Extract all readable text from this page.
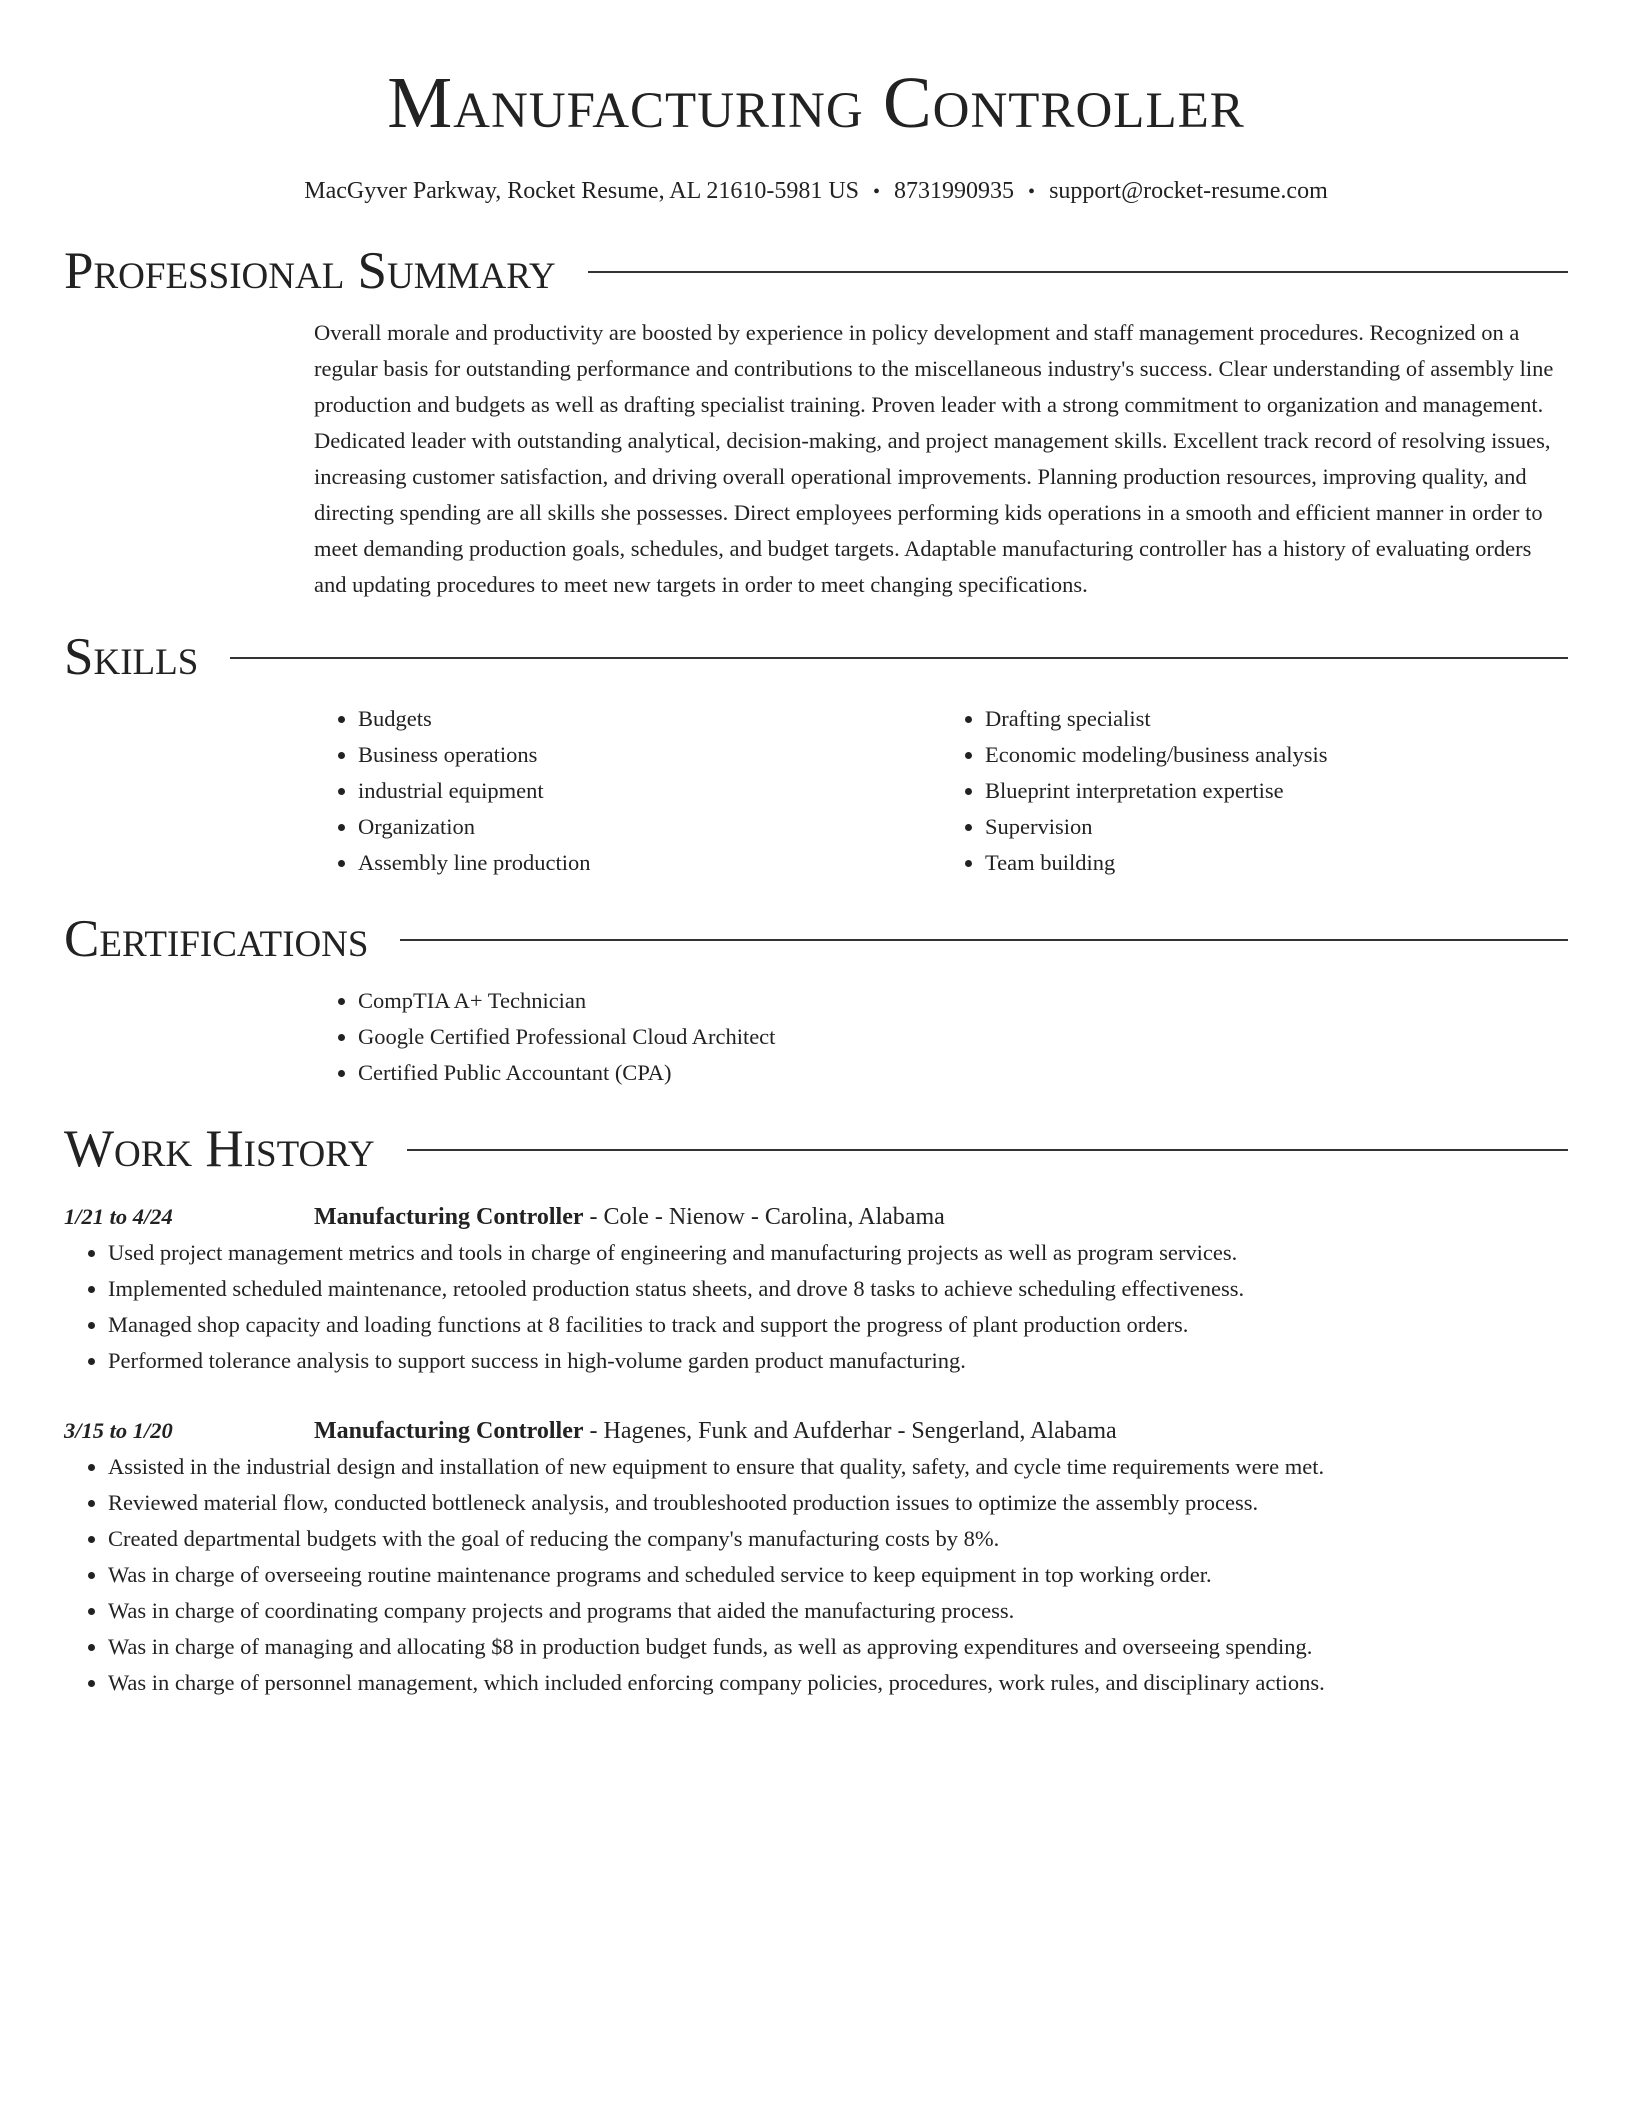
Manufacturing Controller
MacGyver Parkway, Rocket Resume, AL 21610-5981 US • 8731990935 • support@rocket-resume.com
Professional Summary

Overall morale and productivity are boosted by experience in policy development and staff management procedures. Recognized on a regular basis for outstanding performance and contributions to the miscellaneous industry's success. Clear understanding of assembly line production and budgets as well as drafting specialist training. Proven leader with a strong commitment to organization and management. Dedicated leader with outstanding analytical, decision-making, and project management skills. Excellent track record of resolving issues, increasing customer satisfaction, and driving overall operational improvements. Planning production resources, improving quality, and directing spending are all skills she possesses. Direct employees performing kids operations in a smooth and efficient manner in order to meet demanding production goals, schedules, and budget targets. Adaptable manufacturing controller has a history of evaluating orders and updating procedures to meet new targets in order to meet changing specifications.

Skills
• Budgets
• Business operations
• industrial equipment
• Organization
• Assembly line production
• Drafting specialist
• Economic modeling/business analysis
• Blueprint interpretation expertise
• Supervision
• Team building
Certifications
• CompTIA A+ Technician
• Google Certified Professional Cloud Architect
• Certified Public Accountant (CPA)
Work History
1/21 to 4/24	Manufacturing Controller - Cole - Nienow - Carolina, Alabama
• Used project management metrics and tools in charge of engineering and manufacturing projects as well as program services.
• Implemented scheduled maintenance, retooled production status sheets, and drove 8 tasks to achieve scheduling effectiveness.
• Managed shop capacity and loading functions at 8 facilities to track and support the progress of plant production orders.
• Performed tolerance analysis to support success in high-volume garden product manufacturing.
3/15 to 1/20	Manufacturing Controller - Hagenes, Funk and Aufderhar - Sengerland, Alabama
• Assisted in the industrial design and installation of new equipment to ensure that quality, safety, and cycle time requirements were met.
• Reviewed material flow, conducted bottleneck analysis, and troubleshooted production issues to optimize the assembly process.
• Created departmental budgets with the goal of reducing the company's manufacturing costs by 8%.
• Was in charge of overseeing routine maintenance programs and scheduled service to keep equipment in top working order.
• Was in charge of coordinating company projects and programs that aided the manufacturing process.
• Was in charge of managing and allocating $8 in production budget funds, as well as approving expenditures and overseeing spending.
• Was in charge of personnel management, which included enforcing company policies, procedures, work rules, and disciplinary actions.
